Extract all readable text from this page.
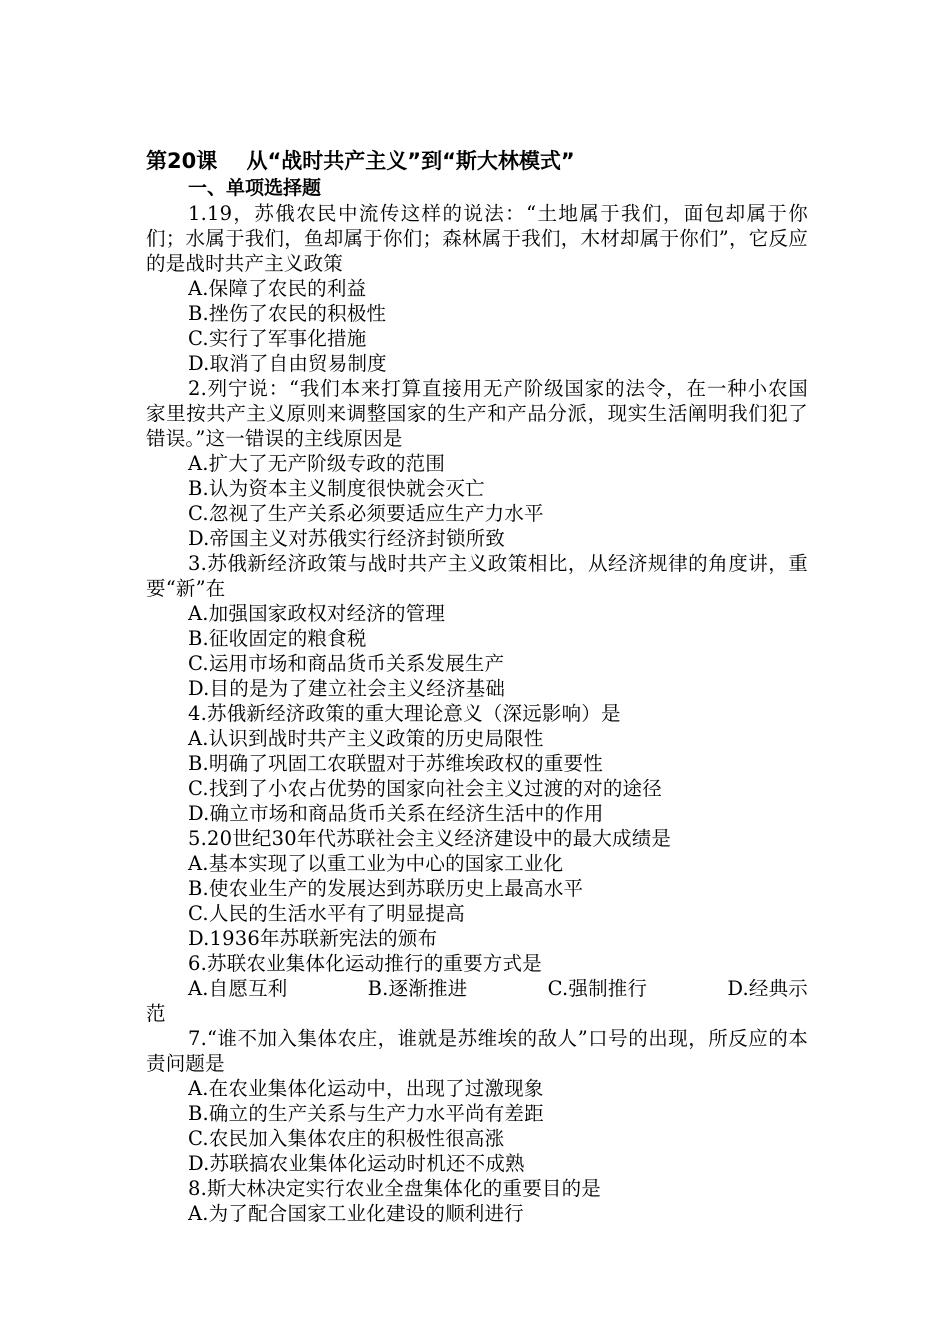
第20课    从“战时共产主义”到“斯大林模式”
一、单项选择题
1.19，苏俄农民中流传这样的说法：“土地属于我们，面包却属于你们；水属于我们，鱼却属于你们；森林属于我们，木材却属于你们”，它反应的是战时共产主义政策
A.保障了农民的利益
B.挫伤了农民的积极性
C.实行了军事化措施
D.取消了自由贸易制度
2.列宁说：“我们本来打算直接用无产阶级国家的法令，在一种小农国家里按共产主义原则来调整国家的生产和产品分派，现实生活阐明我们犯了错误。”这一错误的主线原因是
A.扩大了无产阶级专政的范围
B.认为资本主义制度很快就会灭亡
C.忽视了生产关系必须要适应生产力水平
D.帝国主义对苏俄实行经济封锁所致
3.苏俄新经济政策与战时共产主义政策相比，从经济规律的角度讲，重要“新”在
A.加强国家政权对经济的管理
B.征收固定的粮食税
C.运用市场和商品货币关系发展生产
D.目的是为了建立社会主义经济基础
4.苏俄新经济政策的重大理论意义（深远影响）是
A.认识到战时共产主义政策的历史局限性
B.明确了巩固工农联盟对于苏维埃政权的重要性
C.找到了小农占优势的国家向社会主义过渡的对的途径
D.确立市场和商品货币关系在经济生活中的作用
5.20世纪30年代苏联社会主义经济建设中的最大成绩是
A.基本实现了以重工业为中心的国家工业化
B.使农业生产的发展达到苏联历史上最高水平
C.人民的生活水平有了明显提高
D.1936年苏联新宪法的颁布
6.苏联农业集体化运动推行的重要方式是
A.自愿互利	B.逐渐推进	C.强制推行	D.经典示
范
7.“谁不加入集体农庄，谁就是苏维埃的敌人”口号的出现，所反应的本责问题是
A.在农业集体化运动中，出现了过激现象
B.确立的生产关系与生产力水平尚有差距
C.农民加入集体农庄的积极性很高涨
D.苏联搞农业集体化运动时机还不成熟
8.斯大林决定实行农业全盘集体化的重要目的是
A.为了配合国家工业化建设的顺利进行
